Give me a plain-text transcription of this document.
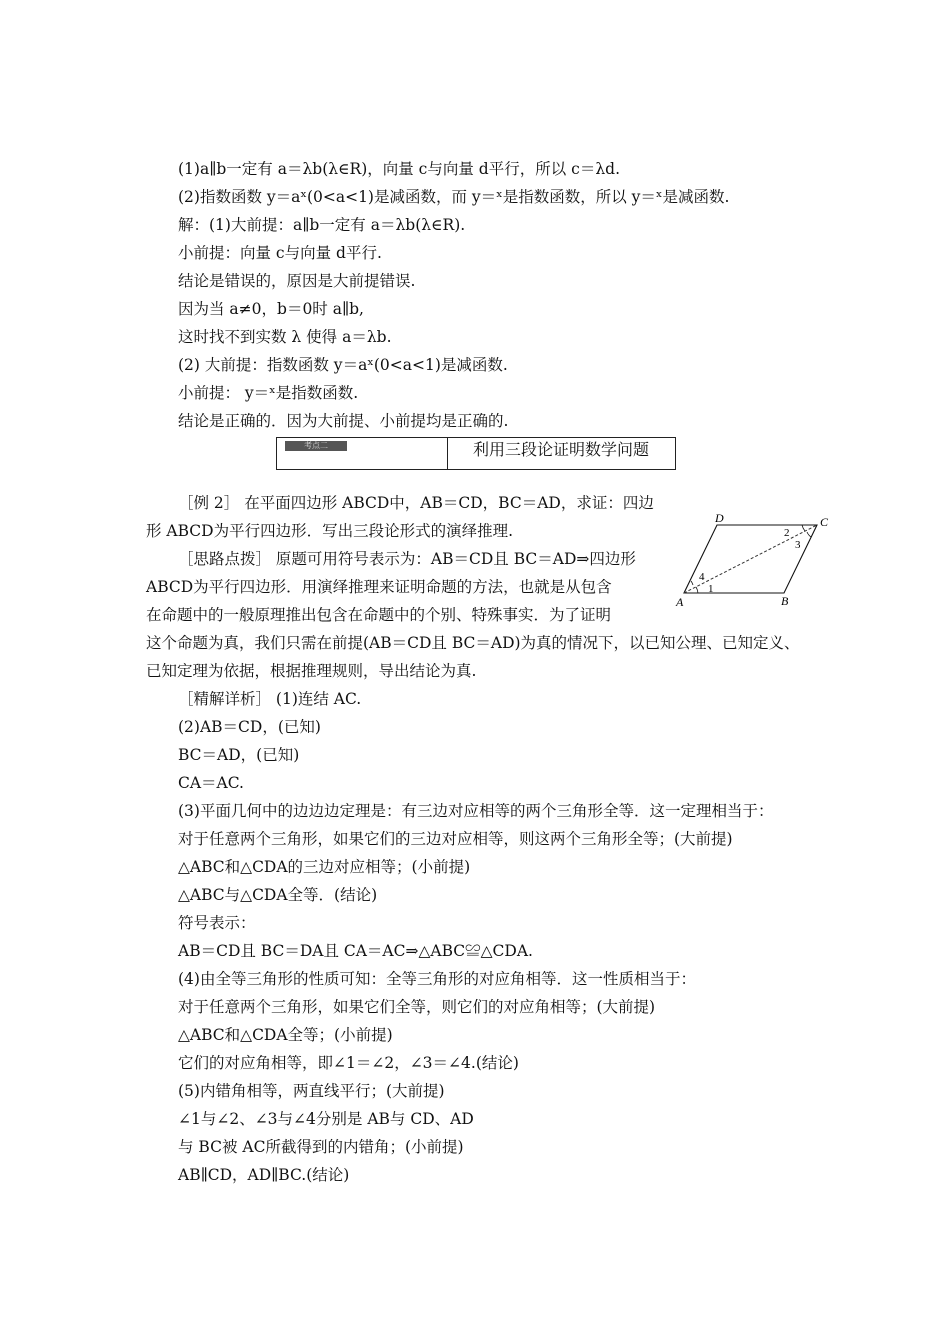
(1)a∥b一定有 a＝λb(λ∈R)，向量 c与向量 d平行，所以 c＝λd.
(2)指数函数 y＝aˣ(0<a<1)是减函数，而 y＝ˣ是指数函数，所以 y＝ˣ是减函数.
解：(1)大前提：a∥b一定有 a＝λb(λ∈R).
小前提：向量 c与向量 d平行.
结论是错误的，原因是大前提错误.
因为当 a≠0，b＝0时 a∥b,
这时找不到实数 λ 使得 a＝λb.
(2) 大前提：指数函数 y＝aˣ(0<a<1)是减函数.
小前提： y＝ˣ是指数函数.
结论是正确的．因为大前提、小前提均是正确的.
考点二	利用三段论证明数学问题
［例 2］ 在平面四边形 ABCD中，AB＝CD，BC＝AD，求证：四边
形 ABCD为平行四边形．写出三段论形式的演绎推理.
［思路点拨］ 原题可用符号表示为：AB＝CD且 BC＝AD⇒四边形
ABCD为平行四边形．用演绎推理来证明命题的方法，也就是从包含
在命题中的一般原理推出包含在命题中的个别、特殊事实．为了证明
这个命题为真，我们只需在前提(AB＝CD且 BC＝AD)为真的情况下，以已知公理、已知定义、
已知定理为依据，根据推理规则，导出结论为真.
［精解详析］ (1)连结 AC.
(2)AB＝CD，(已知)
BC＝AD，(已知)
CA＝AC.
(3)平面几何中的边边边定理是：有三边对应相等的两个三角形全等．这一定理相当于：
对于任意两个三角形，如果它们的三边对应相等，则这两个三角形全等；(大前提)
△ABC和△CDA的三边对应相等；(小前提)
△ABC与△CDA全等．(结论)
符号表示：
AB＝CD且 BC＝DA且 CA＝AC⇒△ABC≌△CDA.
(4)由全等三角形的性质可知：全等三角形的对应角相等．这一性质相当于：
对于任意两个三角形，如果它们全等，则它们的对应角相等；(大前提)
△ABC和△CDA全等；(小前提)
它们的对应角相等，即∠1＝∠2，∠3＝∠4.(结论)
(5)内错角相等，两直线平行；(大前提)
∠1与∠2、∠3与∠4分别是 AB与 CD、AD
与 BC被 AC所截得到的内错角；(小前提)
AB∥CD，AD∥BC.(结论)
A	B
C
D
1
2
3
4
